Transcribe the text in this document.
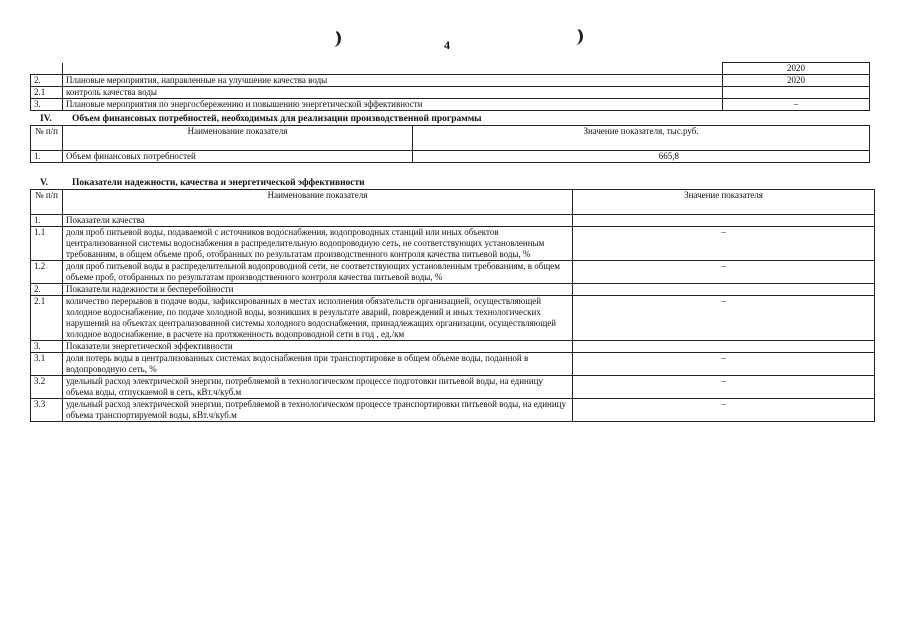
4
		2020
2.	Плановые мероприятия, направленные на улучшение качества воды	2020
2.1	контроль качества воды	
3.	Плановые мероприятия по энергосбережению и повышению энергетической эффективности	–
IV. Объем финансовых потребностей, необходимых для реализации производственной программы
№ п/п	Наименование показателя	Значение показателя, тыс.руб.
1.	Объем финансовых потребностей	665,8
V.	Показатели надежности, качества и энергетической эффективности
№ п/п	Наименование показателя	Значение показателя
1.	Показатели качества	
1.1	доля проб питьевой воды, подаваемой с источников водоснабжения, водопроводных станций или иных объектов централизованной системы водоснабжения в распределительную водопроводную сеть, не соответствующих установленным требованиям, в общем объеме проб, отобранных по результатам производственного контроля качества питьевой воды, %	–
1.2	доля проб питьевой воды в распределительной водопроводной сети, не соответствующих установленным требованиям, в общем объеме проб, отобранных по результатам производственного контроля качества питьевой воды, %	–
2.	Показатели надежности и бесперебойности	
2.1	количество перерывов в подаче воды, зафиксированных в местах исполнения обязательств организацией, осуществляющей холодное водоснабжение, по подаче холодной воды, возникших в результате аварий, повреждений и иных технологических нарушений на объектах централизованной системы холодного водоснабжения, принадлежащих организации, осуществляющей холодное водоснабжение, в расчете на протяженность водопроводной сети в год , ед./км	–
3.	Показатели энергетической эффективности	
3.1	доля потерь воды в централизованных системах водоснабжения при транспортировке в общем объеме воды, поданной в водопроводную сеть, %	–
3.2	удельный расход электрической энергии, потребляемой в технологическом процессе подготовки питьевой воды, на единицу объема воды, отпускаемой в сеть, кВт.ч/куб.м	–
3.3	удельный расход электрической энергии, потребляемой в технологическом процессе транспортировки питьевой воды, на единицу объема транспортируемой воды, кВт.ч/куб.м	–
